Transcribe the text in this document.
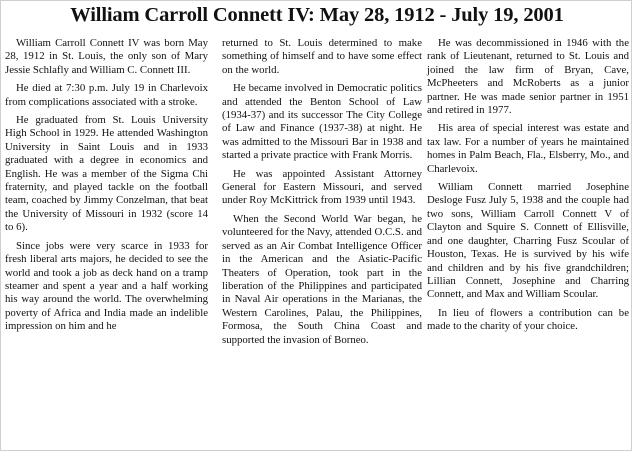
William Carroll Connett IV: May 28, 1912 - July 19, 2001

William Carroll Connett IV was born May 28, 1912 in St. Louis, the only son of Mary Jessie Schlafly and William C. Connett III.

He died at 7:30 p.m. July 19 in Charlevoix from complications associated with a stroke.

He graduated from St. Louis University High School in 1929. He attended Washington University in Saint Louis and in 1933 graduated with a degree in economics and English. He was a member of the Sigma Chi fraternity, and played tackle on the football team, coached by Jimmy Conzelman, that beat the University of Missouri in 1932 (score 14 to 6).

Since jobs were very scarce in 1933 for fresh liberal arts majors, he decided to see the world and took a job as deck hand on a tramp steamer and spent a year and a half working his way around the world. The overwhelming poverty of Africa and India made an indelible impression on him and he

returned to St. Louis determined to make something of himself and to have some effect on the world.

He became involved in Democratic politics and attended the Benton School of Law (1934-37) and its successor The City College of Law and Finance (1937-38) at night. He was admitted to the Missouri Bar in 1938 and started a private practice with Frank Morris.

He was appointed Assistant Attorney General for Eastern Missouri, and served under Roy McKittrick from 1939 until 1943.

When the Second World War began, he volunteered for the Navy, attended O.C.S. and served as an Air Combat Intelligence Officer in the American and the Asiatic-Pacific Theaters of Operation, took part in the liberation of the Philippines and participated in Naval Air operations in the Marianas, the Western Carolines, Palau, the Philippines, Formosa, the South China Coast and supported the invasion of Borneo.

He was decommissioned in 1946 with the rank of Lieutenant, returned to St. Louis and joined the law firm of Bryan, Cave, McPheeters and McRoberts as a junior partner. He was made senior partner in 1951 and retired in 1977.

His area of special interest was estate and tax law. For a number of years he maintained homes in Palm Beach, Fla., Elsberry, Mo., and Charlevoix.

William Connett married Josephine Desloge Fusz July 5, 1938 and the couple had two sons, William Carroll Connett V of Clayton and Squire S. Connett of Ellisville, and one daughter, Charring Fusz Scoular of Houston, Texas. He is survived by his wife and children and by his five grandchildren; Lillian Connett, Josephine and Charring Connett, and Max and William Scoular.

In lieu of flowers a contribution can be made to the charity of your choice.
